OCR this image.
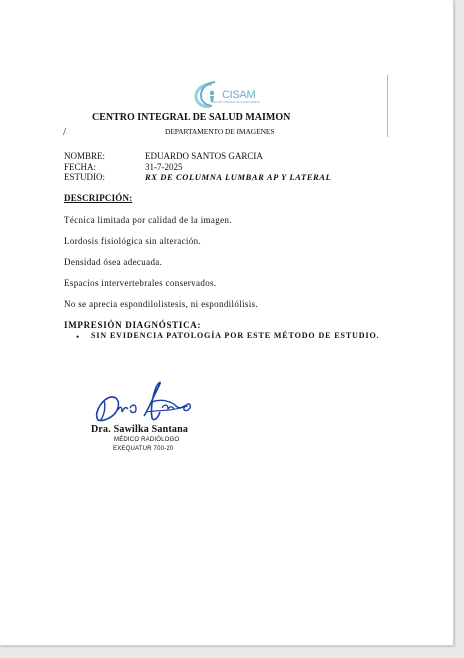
CISAM
CENTRO INTEGRAL DE SALUD MAIMON
CENTRO INTEGRAL DE SALUD MAIMON
/	DEPARTAMENTO DE IMAGENES
NOMBRE:	EDUARDO SANTOS GARCIA
FECHA:	31-7-2025
ESTUDIO:	RX DE COLUMNA LUMBAR AP Y LATERAL
DESCRIPCIÓN:
Técnica limitada por calidad de la imagen.
Lordosis fisiológica sin alteración.
Densidad ósea adecuada.
Espacios intervertebrales conservados.
No se aprecia espondilolistesis, ni espondilólisis.
IMPRESIÓN DIAGNÓSTICA:
• SIN EVIDENCIA PATOLOGÍA POR ESTE MÉTODO DE ESTUDIO.
Dra. Sawilka Santana
MÉDICO RADIÓLOGO
EXEQUATUR 700-20
